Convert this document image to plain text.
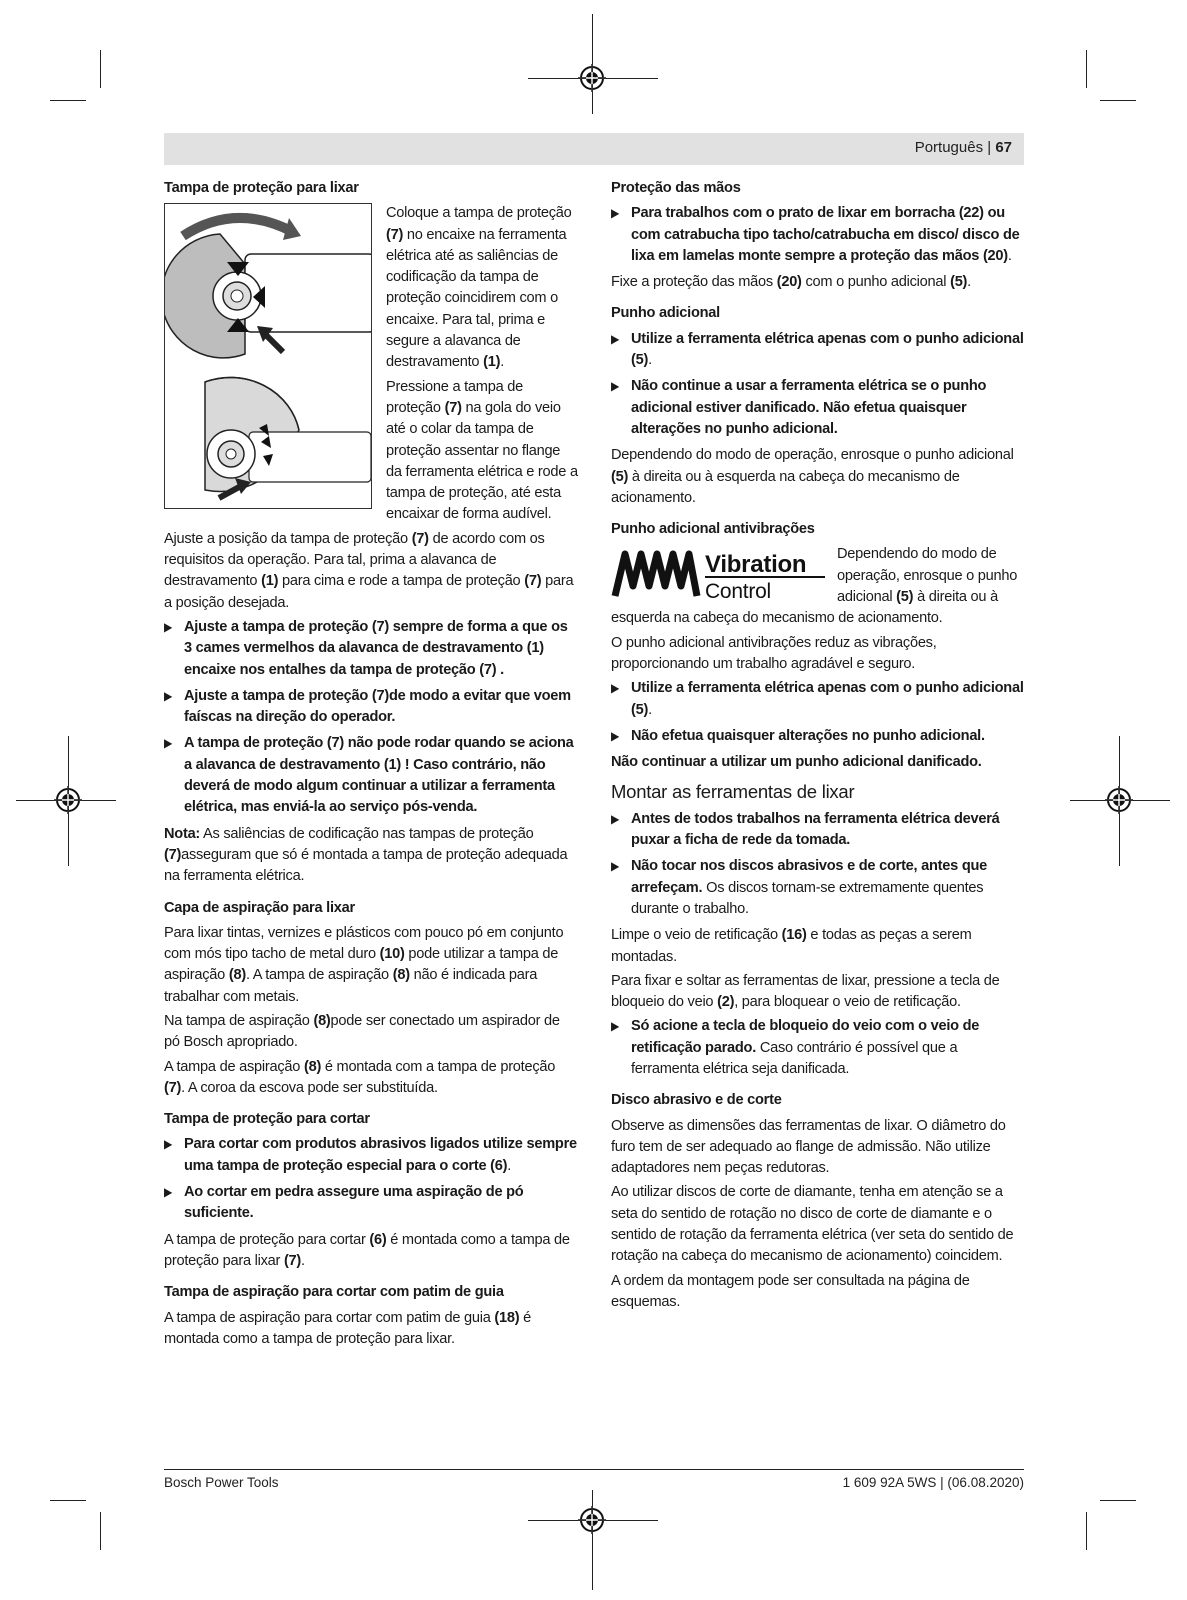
Português | 67
Tampa de proteção para lixar

Coloque a tampa de proteção (7) no encaixe na ferramenta elétrica até as saliências de codificação da tampa de proteção coincidirem com o encaixe. Para tal, prima e segure a alavanca de destravamento (1).

Pressione a tampa de proteção (7) na gola do veio até o colar da tampa de proteção assentar no flange da ferramenta elétrica e rode a tampa de proteção, até esta encaixar de forma audível.

Ajuste a posição da tampa de proteção (7) de acordo com os requisitos da operação. Para tal, prima a alavanca de destravamento (1) para cima e rode a tampa de proteção (7) para a posição desejada.

▶ Ajuste a tampa de proteção (7) sempre de forma a que os 3 cames vermelhos da alavanca de destravamento (1) encaixe nos entalhes da tampa de proteção (7) .
▶ Ajuste a tampa de proteção (7)de modo a evitar que voem faíscas na direção do operador.
▶ A tampa de proteção (7) não pode rodar quando se aciona a alavanca de destravamento (1) ! Caso contrário, não deverá de modo algum continuar a utilizar a ferramenta elétrica, mas enviá-la ao serviço pós-venda.

Nota: As saliências de codificação nas tampas de proteção (7)asseguram que só é montada a tampa de proteção adequada na ferramenta elétrica.

Capa de aspiração para lixar

Para lixar tintas, vernizes e plásticos com pouco pó em conjunto com mós tipo tacho de metal duro (10) pode utilizar a tampa de aspiração (8). A tampa de aspiração (8) não é indicada para trabalhar com metais.

Na tampa de aspiração (8)pode ser conectado um aspirador de pó Bosch apropriado.

A tampa de aspiração (8) é montada com a tampa de proteção (7). A coroa da escova pode ser substituída.

Tampa de proteção para cortar
▶ Para cortar com produtos abrasivos ligados utilize sempre uma tampa de proteção especial para o corte (6).
▶ Ao cortar em pedra assegure uma aspiração de pó suficiente.

A tampa de proteção para cortar (6) é montada como a tampa de proteção para lixar (7).

Tampa de aspiração para cortar com patim de guia

A tampa de aspiração para cortar com patim de guia (18) é montada como a tampa de proteção para lixar.

Proteção das mãos
▶ Para trabalhos com o prato de lixar em borracha (22) ou com catrabucha tipo tacho/catrabucha em disco/ disco de lixa em lamelas monte sempre a proteção das mãos (20).

Fixe a proteção das mãos (20) com o punho adicional (5).

Punho adicional
▶ Utilize a ferramenta elétrica apenas com o punho adicional (5).
▶ Não continue a usar a ferramenta elétrica se o punho adicional estiver danificado. Não efetua quaisquer alterações no punho adicional.

Dependendo do modo de operação, enrosque o punho adicional (5) à direita ou à esquerda na cabeça do mecanismo de acionamento.

Punho adicional antivibrações
Vibration
Control

Dependendo do modo de operação, enrosque o punho adicional (5) à direita ou à esquerda na cabeça do mecanismo de acionamento.

O punho adicional antivibrações reduz as vibrações, proporcionando um trabalho agradável e seguro.

▶ Utilize a ferramenta elétrica apenas com o punho adicional (5).
▶ Não efetua quaisquer alterações no punho adicional.

Não continuar a utilizar um punho adicional danificado.

Montar as ferramentas de lixar
▶ Antes de todos trabalhos na ferramenta elétrica deverá puxar a ficha de rede da tomada.
▶ Não tocar nos discos abrasivos e de corte, antes que arrefeçam. Os discos tornam-se extremamente quentes durante o trabalho.

Limpe o veio de retificação (16) e todas as peças a serem montadas.

Para fixar e soltar as ferramentas de lixar, pressione a tecla de bloqueio do veio (2), para bloquear o veio de retificação.

▶ Só acione a tecla de bloqueio do veio com o veio de retificação parado. Caso contrário é possível que a ferramenta elétrica seja danificada.
Disco abrasivo e de corte

Observe as dimensões das ferramentas de lixar. O diâmetro do furo tem de ser adequado ao flange de admissão. Não utilize adaptadores nem peças redutoras.

Ao utilizar discos de corte de diamante, tenha em atenção se a seta do sentido de rotação no disco de corte de diamante e o sentido de rotação da ferramenta elétrica (ver seta do sentido de rotação na cabeça do mecanismo de acionamento) coincidem.

A ordem da montagem pode ser consultada na página de esquemas.

Bosch Power Tools	1 609 92A 5WS | (06.08.2020)
